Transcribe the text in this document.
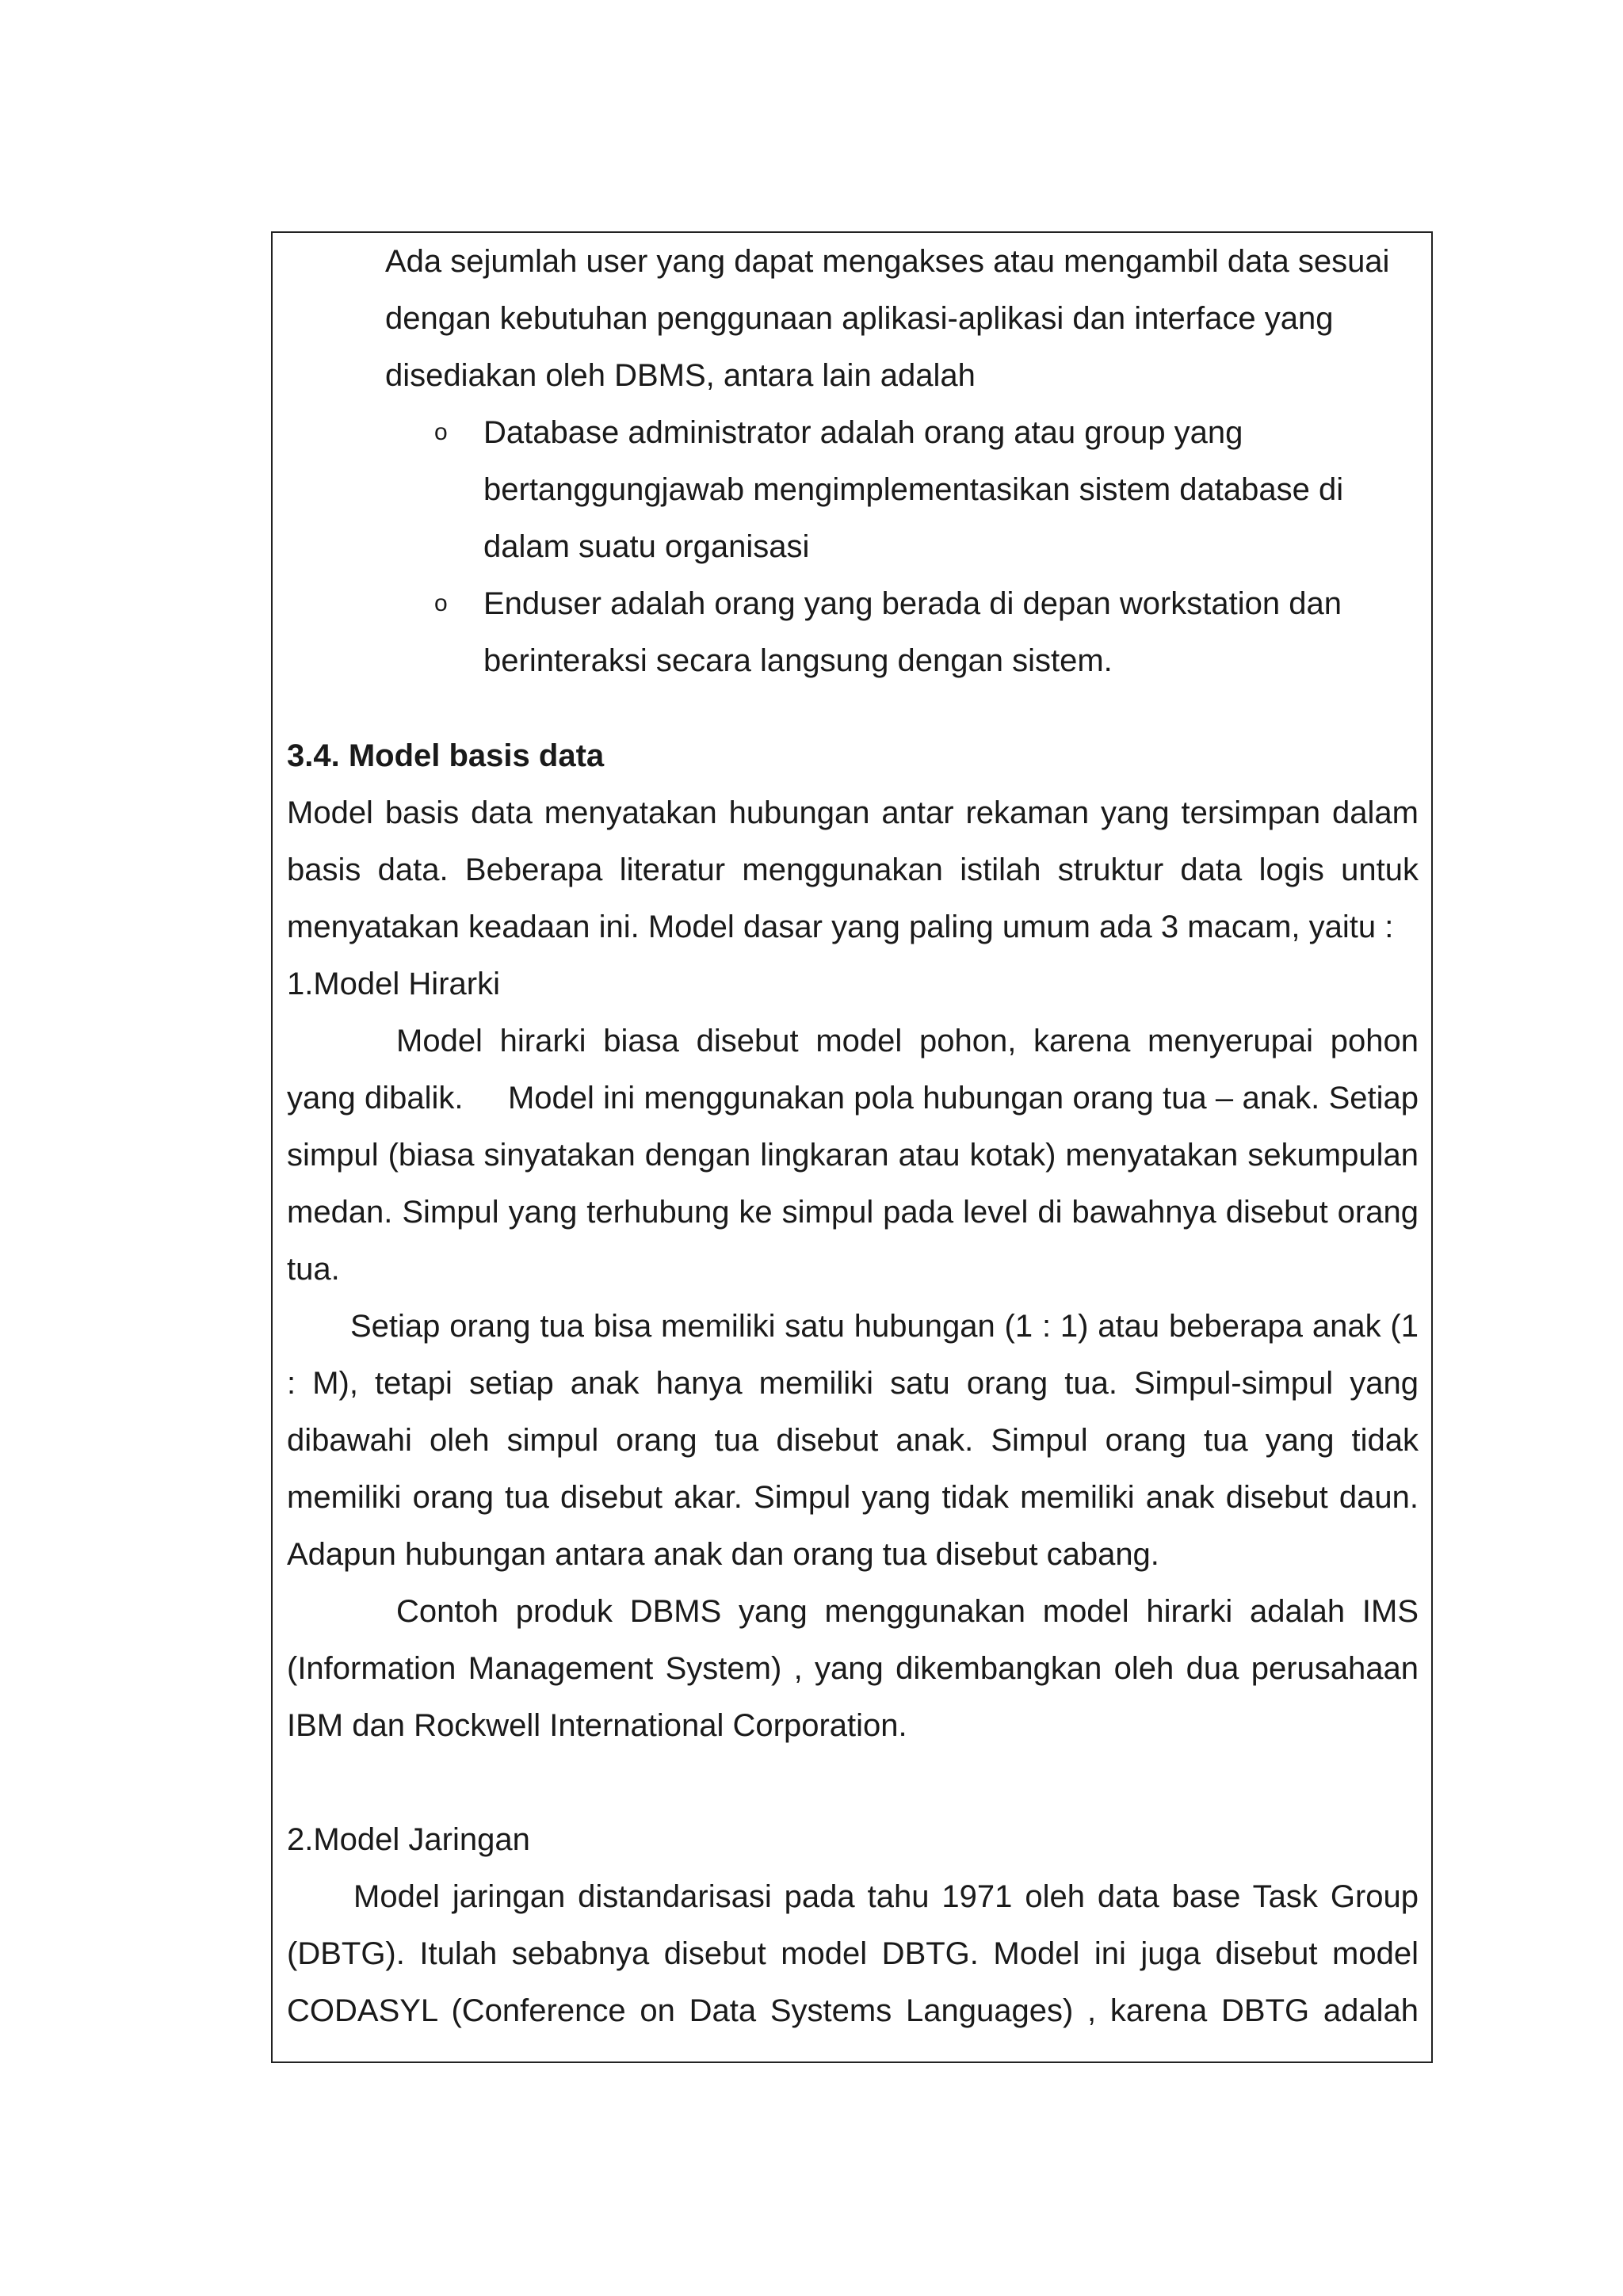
Ada sejumlah user yang dapat mengakses atau mengambil data sesuai dengan kebutuhan penggunaan aplikasi-aplikasi dan interface yang disediakan oleh DBMS, antara lain adalah

o Database administrator adalah orang atau group yang bertanggungjawab mengimplementasikan sistem database di dalam suatu organisasi
o Enduser adalah orang yang berada di depan workstation dan berinteraksi secara langsung dengan sistem.

3.4. Model basis data

Model basis data menyatakan hubungan antar rekaman yang tersimpan dalam basis data. Beberapa literatur menggunakan istilah struktur data logis untuk menyatakan keadaan ini. Model dasar yang paling umum ada 3 macam, yaitu :

1.Model Hirarki

Model hirarki biasa disebut model pohon, karena menyerupai pohon yang dibalik.     Model ini menggunakan pola hubungan orang tua – anak. Setiap simpul (biasa sinyatakan dengan lingkaran atau kotak) menyatakan sekumpulan medan. Simpul yang terhubung ke simpul pada level di bawahnya disebut orang tua.

Setiap orang tua bisa memiliki satu hubungan (1 : 1) atau beberapa anak (1 : M), tetapi setiap anak hanya memiliki satu orang tua. Simpul-simpul yang dibawahi oleh simpul orang tua disebut anak. Simpul orang tua yang tidak memiliki orang tua disebut akar. Simpul yang tidak memiliki anak disebut daun. Adapun hubungan antara anak dan orang tua disebut cabang.

Contoh produk DBMS yang menggunakan model hirarki adalah IMS (Information Management System) , yang dikembangkan oleh dua perusahaan IBM dan Rockwell International Corporation.

2.Model Jaringan

Model jaringan distandarisasi pada tahu 1971 oleh data base Task Group (DBTG). Itulah sebabnya disebut model DBTG. Model ini juga disebut model CODASYL (Conference on Data Systems Languages) , karena DBTG adalah
